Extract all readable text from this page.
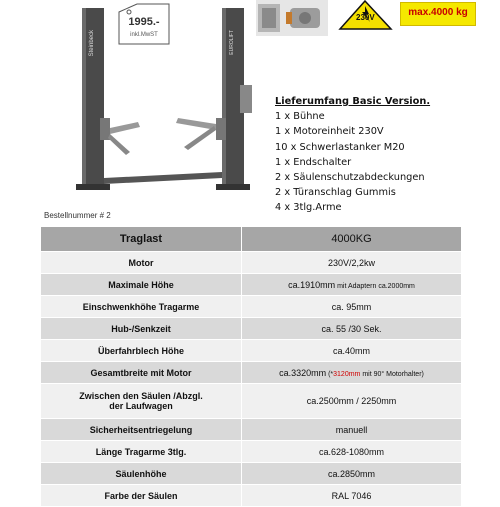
Steinbeck	EUROLIFT
1995.-
inkl.MwST
230V	max.4000 kg
Lieferumfang Basic Version.
1 x Bühne
1 x Motoreinheit 230V
10 x Schwerlastanker M20
1 x Endschalter
2 x Säulenschutzabdeckungen
2 x Türanschlag Gummis
4 x 3tlg.Arme
Bestellnummer # 2
Traglast	4000KG
Motor	230V/2,2kw
Maximale Höhe	ca.1910mm mit Adaptern ca.2000mm
Einschwenkhöhe Tragarme	ca. 95mm
Hub-/Senkzeit	ca. 55 /30 Sek.
Überfahrblech Höhe	ca.40mm
Gesamtbreite mit Motor	ca.3320mm (*3120mm mit 90° Motorhalter)

Zwischen den Säulen /Abzgl.
der Laufwagen	ca.2500mm / 2250mm
Sicherheitsentriegelung	manuell
Länge Tragarme 3tlg.	ca.628-1080mm
Säulenhöhe	ca.2850mm
Farbe der Säulen	RAL 7046
